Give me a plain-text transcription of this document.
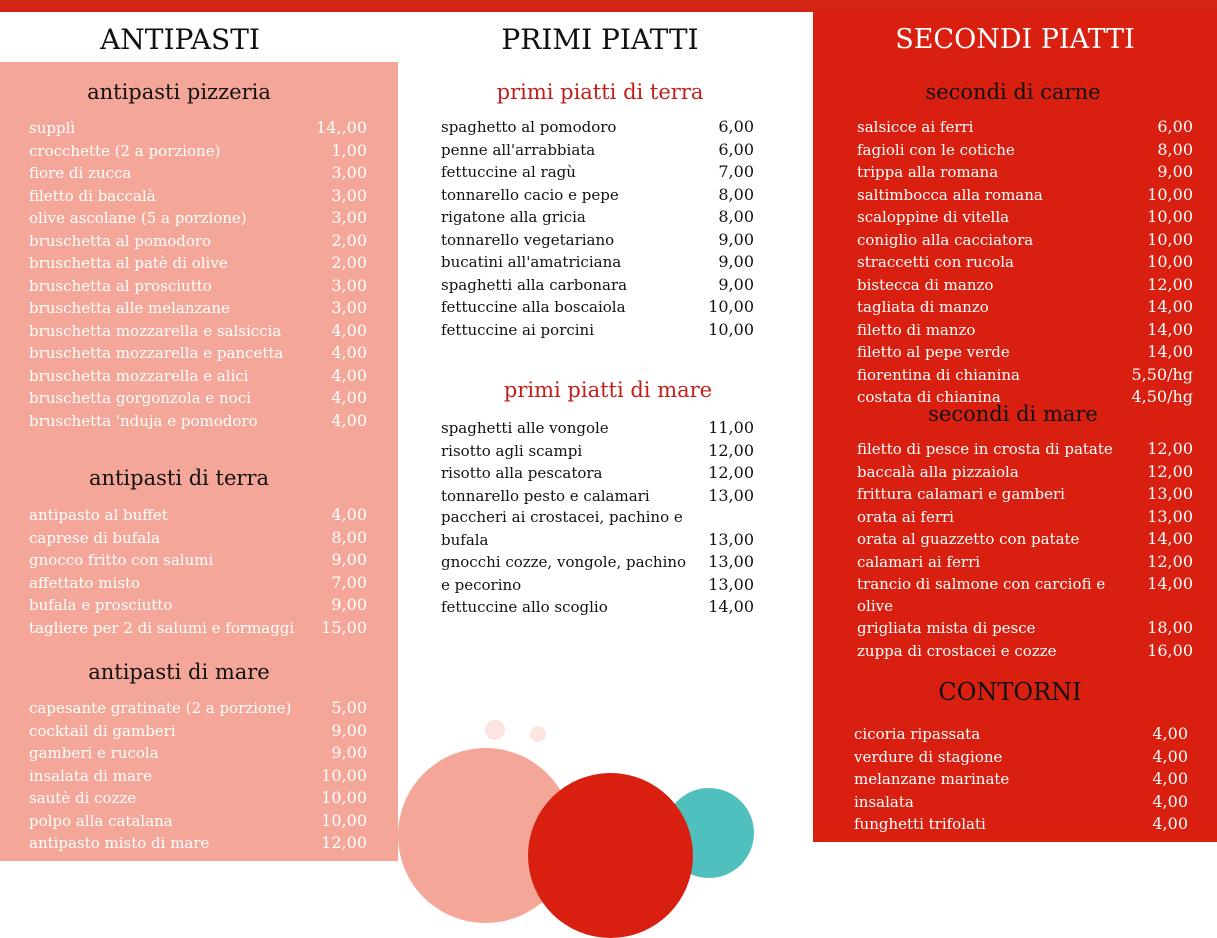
ANTIPASTI	PRIMI PIATTI	SECONDI PIATTI
antipasti pizzeria
supplì	14,,00
crocchette (2 a porzione)	1,00
fiore di zucca	3,00
filetto di baccalà	3,00
olive ascolane (5 a porzione)	3,00
bruschetta al pomodoro	2,00
bruschetta al patè di olive	2,00
bruschetta al prosciutto	3,00
bruschetta alle melanzane	3,00
bruschetta mozzarella e salsiccia	4,00
bruschetta mozzarella e pancetta	4,00
bruschetta mozzarella e alici	4,00
bruschetta gorgonzola e noci	4,00
bruschetta 'nduja e pomodoro	4,00
antipasti di terra
antipasto al buffet	4,00
caprese di bufala	8,00
gnocco fritto con salumi	9,00
affettato misto	7,00
bufala e prosciutto	9,00
tagliere per 2 di salumi e formaggi 15,00
antipasti di mare
capesante gratinate (2 a porzione) 5,00
cocktail di gamberi	9,00
gamberi e rucola	9,00
insalata di mare	10,00
sautè di cozze	10,00
polpo alla catalana	10,00
antipasto misto di mare	12,00
primi piatti di terra
spaghetto al pomodoro	6,00
penne all'arrabbiata	6,00
fettuccine al ragù	7,00
tonnarello cacio e pepe	8,00
rigatone alla gricia	8,00
tonnarello vegetariano	9,00
bucatini all'amatriciana	9,00
spaghetti alla carbonara	9,00
fettuccine alla boscaiola	10,00
fettuccine ai porcini	10,00
primi piatti di mare
spaghetti alle vongole	11,00
risotto agli scampi	12,00
risotto alla pescatora	12,00
tonnarello pesto e calamari	13,00
paccheri ai crostacei, pachino e
bufala	13,00
gnocchi cozze, vongole, pachino 13,00
e pecorino	13,00
fettuccine allo scoglio	14,00
secondi di carne
salsicce ai ferri	6,00
fagioli con le cotiche	8,00
trippa alla romana	9,00
saltimbocca alla romana	10,00
scaloppine di vitella	10,00
coniglio alla cacciatora	10,00
straccetti con rucola	10,00
bistecca di manzo	12,00
tagliata di manzo	14,00
filetto di manzo	14,00
filetto al pepe verde	14,00
fiorentina di chianina	5,50/hg
costata di chianina	4,50/hg
secondi di mare
filetto di pesce in crosta di patate 12,00
baccalà alla pizzaiola	12,00
frittura calamari e gamberi	13,00
orata ai ferri	13,00
orata al guazzetto con patate	14,00
calamari ai ferri	12,00
trancio di salmone con carciofi e	14,00
olive
grigliata mista di pesce	18,00
zuppa di crostacei e cozze	16,00
CONTORNI
cicoria ripassata	4,00
verdure di stagione	4,00
melanzane marinate	4,00
insalata	4,00
funghetti trifolati	4,00
